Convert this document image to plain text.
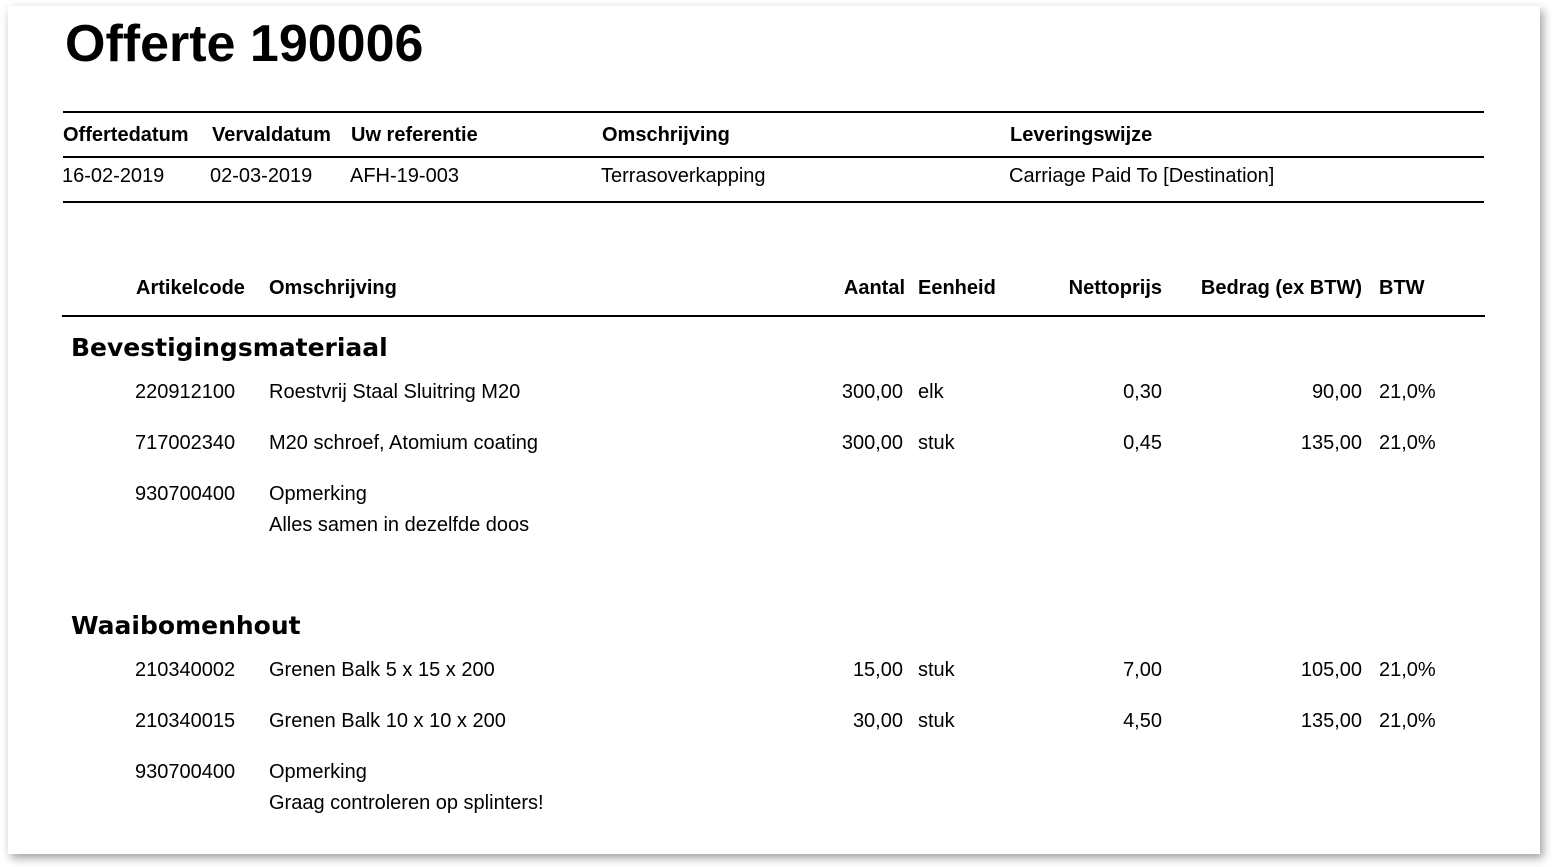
Offerte 190006
Offertedatum Vervaldatum Uw referentie	Omschrijving	Leveringswijze
16-02-2019 02-03-2019 AFH-19-003	Terrasoverkapping	Carriage Paid To [Destination]
Artikelcode Omschrijving	Aantal Eenheid	Nettoprijs	Bedrag (ex BTW) BTW
Bevestigingsmateriaal
220912100 Roestvrij Staal Sluitring M20	300,00 elk	0,30	90,00 21,0%
717002340 M20 schroef, Atomium coating	300,00 stuk	0,45	135,00 21,0%
930700400 Opmerking
Alles samen in dezelfde doos
Waaibomenhout
210340002 Grenen Balk 5 x 15 x 200	15,00 stuk	7,00	105,00 21,0%
210340015 Grenen Balk 10 x 10 x 200	30,00 stuk	4,50	135,00 21,0%
930700400 Opmerking
Graag controleren op splinters!
